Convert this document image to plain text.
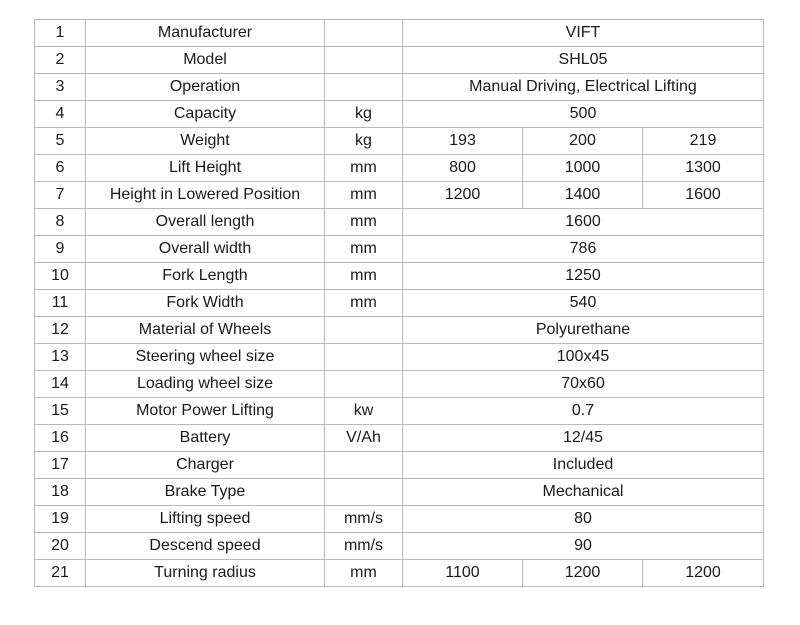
1	Manufacturer		VIFT		
2	Model		SHL05		
3	Operation		Manual Driving, Electrical Lifting		
4	Capacity	kg	500		
5	Weight	kg	193	200	219
6	Lift Height	mm	800	1000	1300
7	Height in Lowered Position	mm	1200	1400	1600
8	Overall length	mm	1600		
9	Overall width	mm	786		
10	Fork Length	mm	1250		
11	Fork Width	mm	540		
12	Material of Wheels		Polyurethane		
13	Steering wheel size		100x45		
14	Loading wheel size		70x60		
15	Motor Power Lifting	kw	0.7		
16	Battery	V/Ah	12/45		
17	Charger		Included		
18	Brake Type		Mechanical		
19	Lifting speed	mm/s	80		
20	Descend speed	mm/s	90		
21	Turning radius	mm	1100	1200	1200
